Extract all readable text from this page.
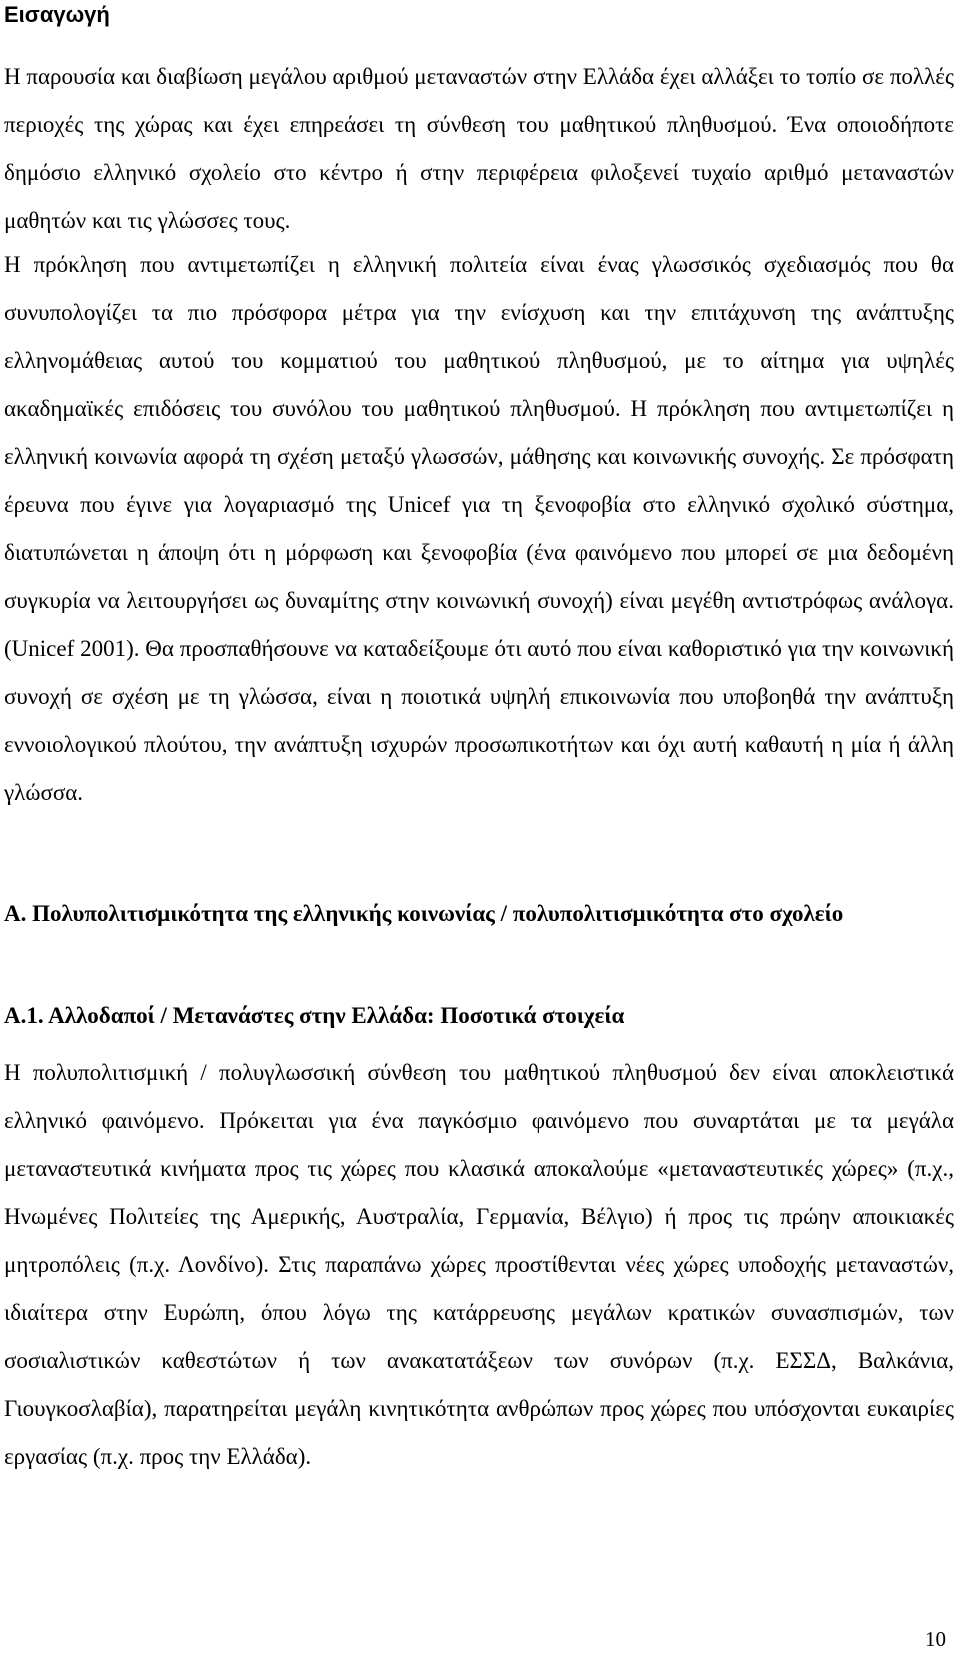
Εισαγωγή

Η παρουσία και διαβίωση μεγάλου αριθμού μεταναστών στην Ελλάδα έχει αλλάξει το τοπίο σε πολλές περιοχές της χώρας και έχει επηρεάσει τη σύνθεση του μαθητικού πληθυσμού. Ένα οποιοδήποτε δημόσιο ελληνικό σχολείο στο κέντρο ή στην περιφέρεια φιλοξενεί τυχαίο αριθμό μεταναστών μαθητών και τις γλώσσες τους.

Η πρόκληση που αντιμετωπίζει η ελληνική πολιτεία είναι ένας γλωσσικός σχεδιασμός που θα συνυπολογίζει τα πιο πρόσφορα μέτρα για την ενίσχυση και την επιτάχυνση της ανάπτυξης ελληνομάθειας αυτού του κομματιού του μαθητικού πληθυσμού, με το αίτημα για υψηλές ακαδημαϊκές επιδόσεις του συνόλου του μαθητικού πληθυσμού. Η πρόκληση που αντιμετωπίζει η ελληνική κοινωνία αφορά τη σχέση μεταξύ γλωσσών, μάθησης και κοινωνικής συνοχής. Σε πρόσφατη έρευνα που έγινε για λογαριασμό της Unicef για τη ξενοφοβία στο ελληνικό σχολικό σύστημα, διατυπώνεται η άποψη ότι η μόρφωση και ξενοφοβία (ένα φαινόμενο που μπορεί σε μια δεδομένη συγκυρία να λειτουργήσει ως δυναμίτης στην κοινωνική συνοχή) είναι μεγέθη αντιστρόφως ανάλογα. (Unicef 2001). Θα προσπαθήσουνε να καταδείξουμε ότι αυτό που είναι καθοριστικό για την κοινωνική συνοχή σε σχέση με τη γλώσσα, είναι η ποιοτικά υψηλή επικοινωνία που υποβοηθά την ανάπτυξη εννοιολογικού πλούτου, την ανάπτυξη ισχυρών προσωπικοτήτων και όχι αυτή καθαυτή η μία ή άλλη γλώσσα.

Α. Πολυπολιτισμικότητα της ελληνικής κοινωνίας / πολυπολιτισμικότητα στο σχολείο
Α.1. Αλλοδαποί / Μετανάστες στην Ελλάδα: Ποσοτικά στοιχεία

Η πολυπολιτισμική / πολυγλωσσική σύνθεση του μαθητικού πληθυσμού δεν είναι αποκλειστικά ελληνικό φαινόμενο. Πρόκειται για ένα παγκόσμιο φαινόμενο που συναρτάται με τα μεγάλα μεταναστευτικά κινήματα προς τις χώρες που κλασικά αποκαλούμε «μεταναστευτικές χώρες» (π.χ., Ηνωμένες Πολιτείες της Αμερικής, Αυστραλία, Γερμανία, Βέλγιο) ή προς τις πρώην αποικιακές μητροπόλεις (π.χ. Λονδίνο). Στις παραπάνω χώρες προστίθενται νέες χώρες υποδοχής μεταναστών, ιδιαίτερα στην Ευρώπη, όπου λόγω της κατάρρευσης μεγάλων κρατικών συνασπισμών, των σοσιαλιστικών καθεστώτων ή των ανακατατάξεων των συνόρων (π.χ. ΕΣΣΔ, Βαλκάνια, Γιουγκοσλαβία), παρατηρείται μεγάλη κινητικότητα ανθρώπων προς χώρες που υπόσχονται ευκαιρίες εργασίας (π.χ. προς την Ελλάδα).

10
